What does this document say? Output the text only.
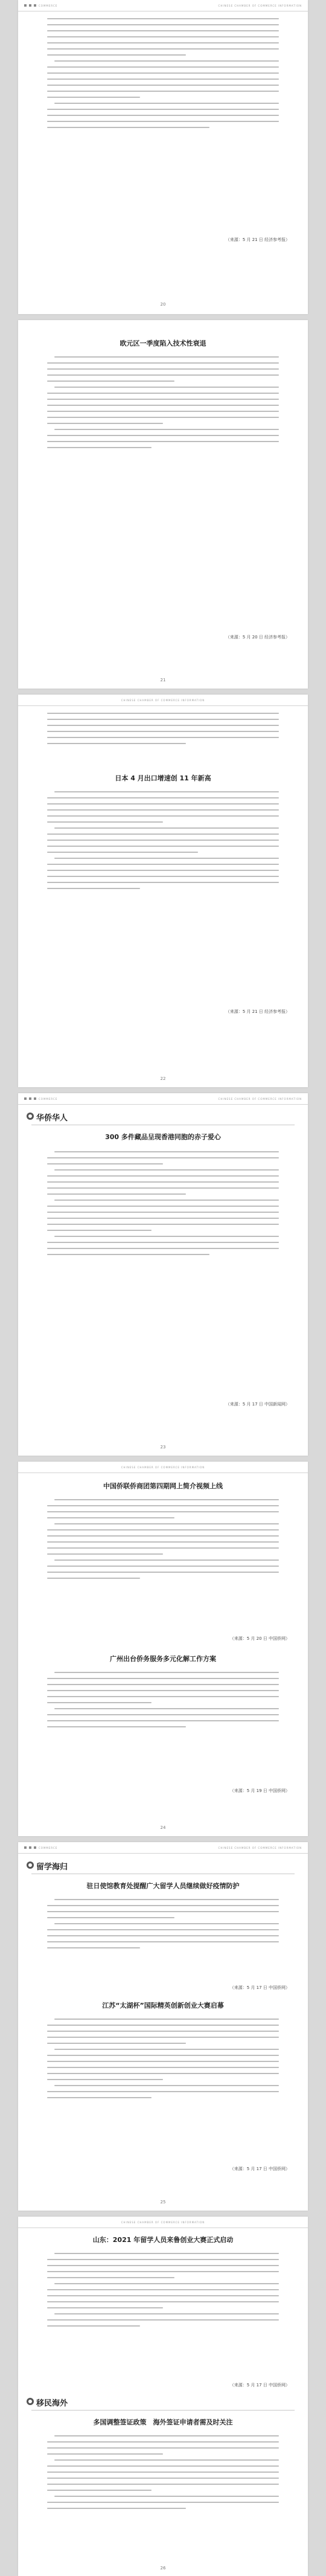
COMMERCE	CHINESE CHAMBER OF COMMERCE INFORMATION
（来源：5 月 21 日 经济参考报）
20
欧元区一季度陷入技术性衰退
（来源：5 月 20 日 经济参考报）
21
CHINESE CHAMBER OF COMMERCE INFORMATION
日本 4 月出口增速创 11 年新高
（来源：5 月 21 日 经济参考报）
22
COMMERCE	CHINESE CHAMBER OF COMMERCE INFORMATION
华侨华人
300 多件藏品呈现香港同胞的赤子爱心
（来源：5 月 17 日 中国新闻网）
23
CHINESE CHAMBER OF COMMERCE INFORMATION
中国侨联侨商团第四期网上简介视频上线
（来源：5 月 20 日 中国侨网）
广州出台侨务服务多元化解工作方案
（来源：5 月 19 日 中国侨网）
24
COMMERCE	CHINESE CHAMBER OF COMMERCE INFORMATION
留学海归
驻日使馆教育处提醒广大留学人员继续做好疫情防护
（来源：5 月 17 日 中国侨网）
江苏“太湖杯”国际精英创新创业大赛启幕
（来源：5 月 17 日 中国侨网）
25
CHINESE CHAMBER OF COMMERCE INFORMATION
山东：2021 年留学人员来鲁创业大赛正式启动
（来源：5 月 17 日 中国侨网）
移民海外
多国调整签证政策　海外签证申请者需及时关注
26
